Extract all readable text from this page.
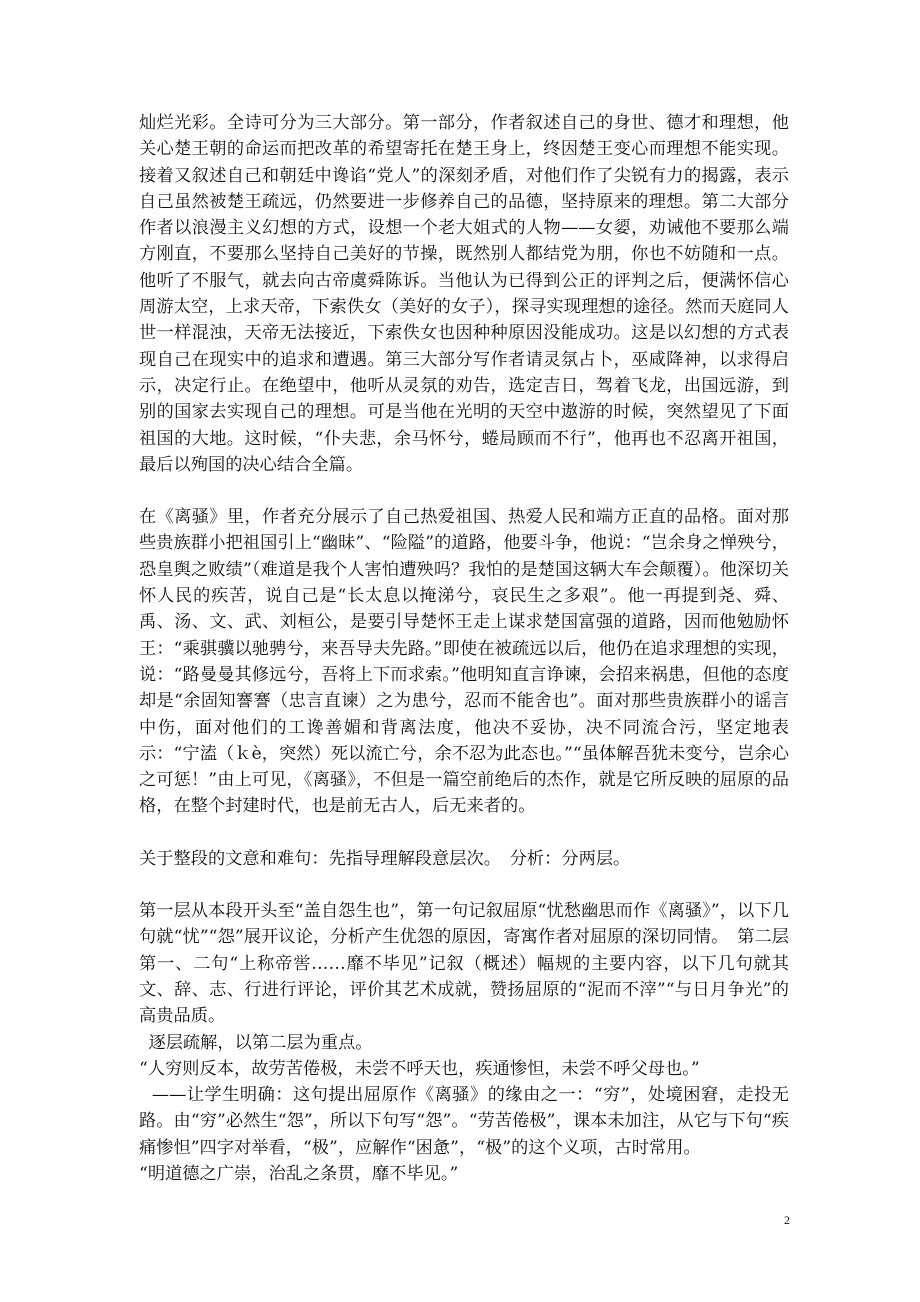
灿烂光彩。全诗可分为三大部分。第一部分，作者叙述自己的身世、德才和理想，他关心楚王朝的命运而把改革的希望寄托在楚王身上，终因楚王变心而理想不能实现。接着又叙述自己和朝廷中谗谄“党人”的深刻矛盾，对他们作了尖锐有力的揭露，表示自己虽然被楚王疏远，仍然要进一步修养自己的品德，坚持原来的理想。第二大部分作者以浪漫主义幻想的方式，设想一个老大姐式的人物——女媭，劝诫他不要那么端方刚直，不要那么坚持自己美好的节操，既然别人都结党为朋，你也不妨随和一点。他听了不服气，就去向古帝虞舜陈诉。当他认为已得到公正的评判之后，便满怀信心周游太空，上求天帝，下索佚女（美好的女子），探寻实现理想的途径。然而天庭同人世一样混浊，天帝无法接近，下索佚女也因种种原因没能成功。这是以幻想的方式表现自己在现实中的追求和遭遇。第三大部分写作者请灵氛占卜，巫咸降神，以求得启示，决定行止。在绝望中，他听从灵氛的劝告，选定吉日，驾着飞龙，出国远游，到别的国家去实现自己的理想。可是当他在光明的天空中遨游的时候，突然望见了下面祖国的大地。这时候，“仆夫悲，余马怀兮，蜷局顾而不行”，他再也不忍离开祖国，最后以殉国的决心结合全篇。

在《离骚》里，作者充分展示了自己热爱祖国、热爱人民和端方正直的品格。面对那些贵族群小把祖国引上“幽昧”、“险隘”的道路，他要斗争，他说：“岂余身之惮殃兮，恐皇舆之败绩”（难道是我个人害怕遭殃吗？我怕的是楚国这辆大车会颠覆）。他深切关怀人民的疾苦，说自己是“长太息以掩涕兮，哀民生之多艰”。他一再提到尧、舜、禹、汤、文、武、刘桓公，是要引导楚怀王走上谋求楚国富强的道路，因而他勉励怀王：“乘骐骥以驰骋兮，来吾导夫先路。”即使在被疏远以后，他仍在追求理想的实现，说：“路曼曼其修远兮，吾将上下而求索。”他明知直言诤谏，会招来祸患，但他的态度却是“余固知謇謇（忠言直谏）之为患兮，忍而不能舍也”。面对那些贵族群小的谣言中伤，面对他们的工谗善媚和背离法度，他决不妥协，决不同流合污，坚定地表示：“宁溘（ｋè，突然）死以流亡兮，余不忍为此态也。”“虽体解吾犹未变兮，岂余心之可惩！”由上可见，《离骚》，不但是一篇空前绝后的杰作，就是它所反映的屈原的品格，在整个封建时代，也是前无古人，后无来者的。

关于整段的文意和难句：先指导理解段意层次。　分析：分两层。

第一层从本段开头至“盖自怨生也”，第一句记叙屈原“忧愁幽思而作《离骚》”，以下几句就“忧”“怨”展开议论，分析产生优怨的原因，寄寓作者对屈原的深切同情。　第二层第一、二句“上称帝喾……靡不毕见”记叙（概述）幅规的主要内容，以下几句就其文、辞、志、行进行评论，评价其艺术成就，赞扬屈原的“泥而不滓”“与日月争光”的高贵品质。

逐层疏解，以第二层为重点。

“人穷则反本，故劳苦倦极，未尝不呼天也，疾通惨怛，未尝不呼父母也。”

——让学生明确：这句提出屈原作《离骚》的缘由之一：“穷”，处境困窘，走投无路。由“穷”必然生“怨”，所以下句写“怨”。“劳苦倦极”，课本未加注，从它与下句“疾痛惨怛”四字对举看，“极”，应解作“困惫”，“极”的这个义项，古时常用。

“明道德之广崇，治乱之条贯，靡不毕见。”

2
